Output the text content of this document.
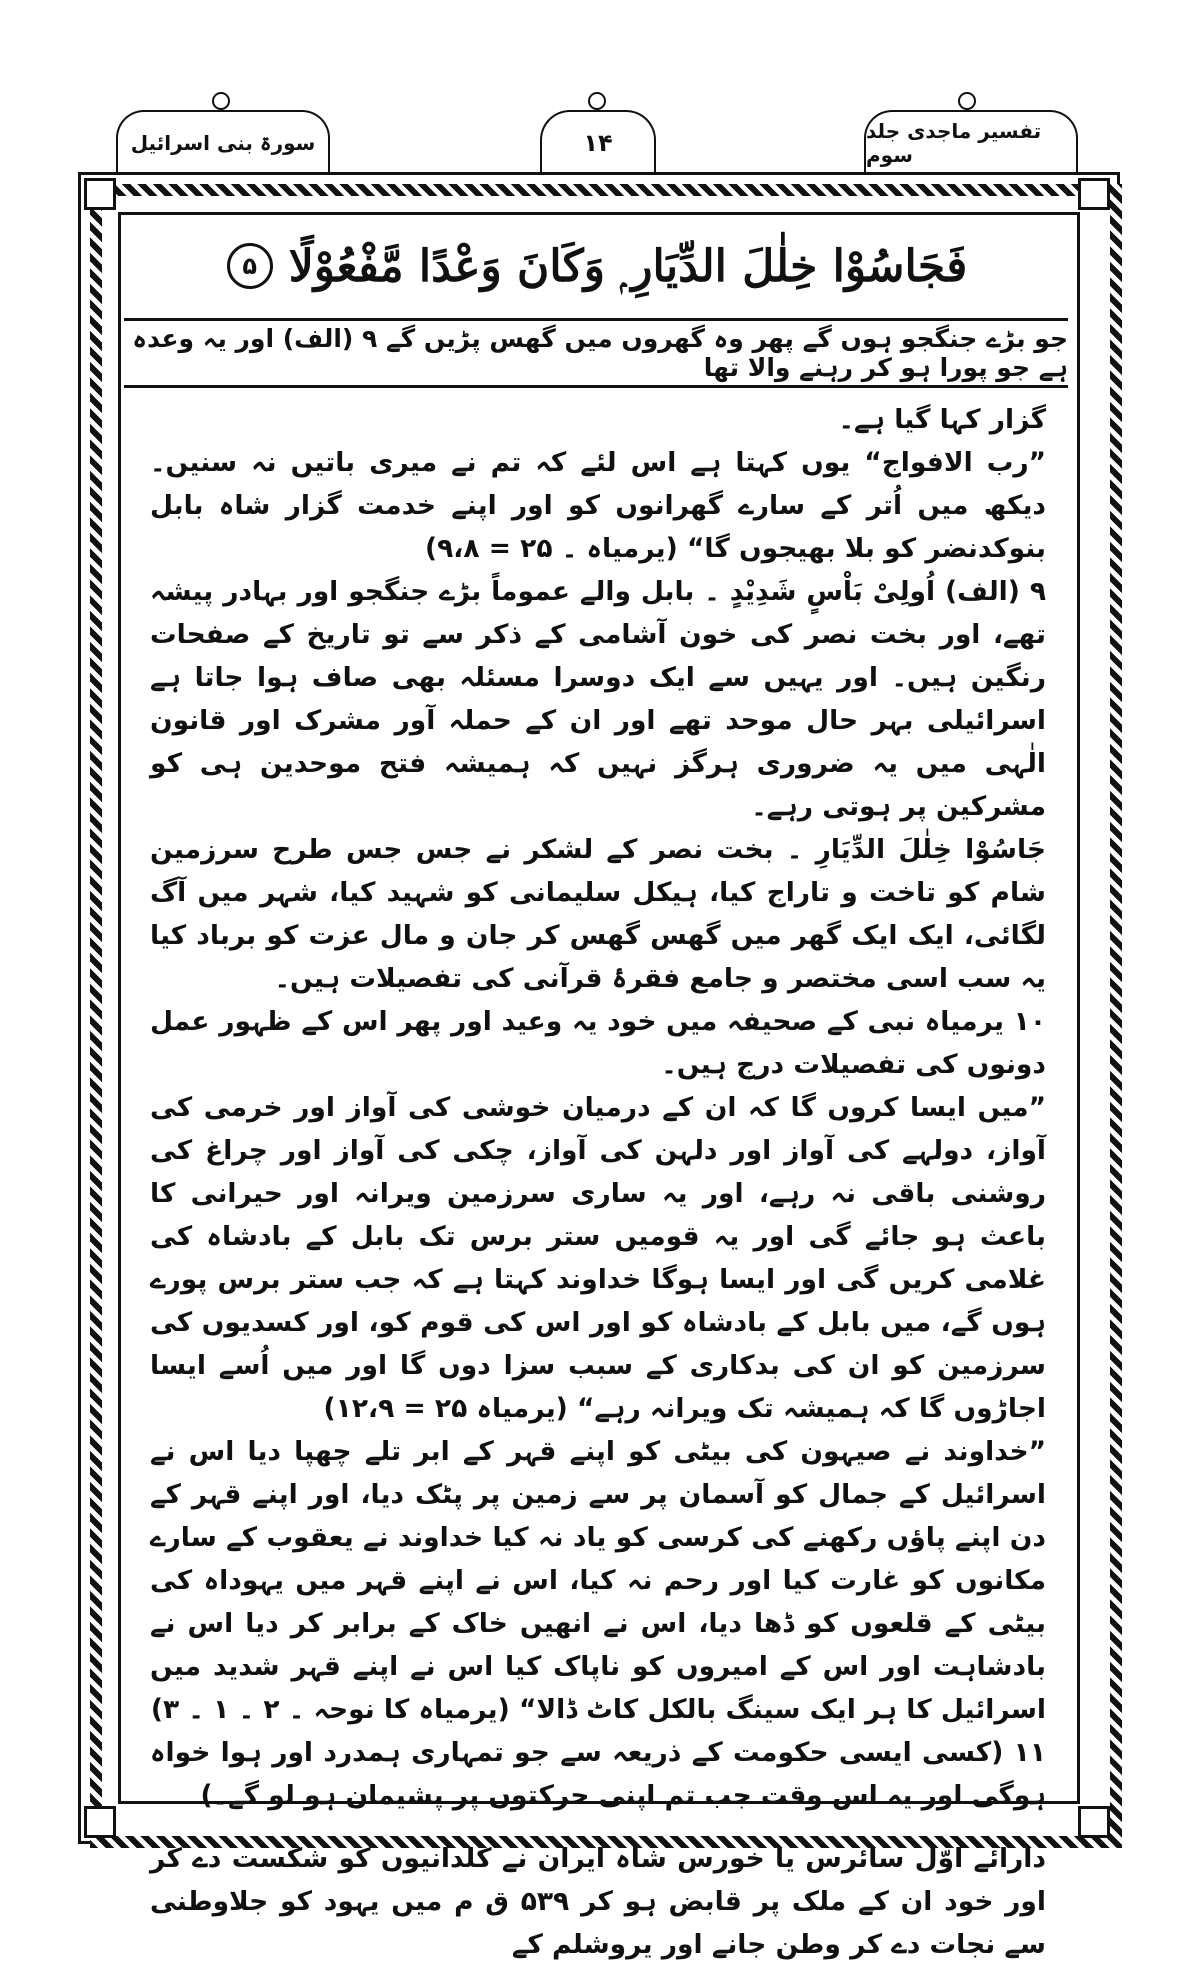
تفسیر ماجدی جلد سوم
۱۴
سورۃ بنی اسرائیل
فَجَاسُوْا خِلٰلَ الدِّيَارِ ۭ وَكَانَ وَعْدًا مَّفْعُوْلًا
۵
جو بڑے جنگجو ہوں گے پھر وہ گھروں میں گھس پڑیں گے ۹ (الف) اور یہ وعدہ ہے جو پورا ہو کر رہنے والا تھا

گزار کہا گیا ہے۔

”رب الافواج“ یوں کہتا ہے اس لئے کہ تم نے میری باتیں نہ سنیں۔ دیکھ میں اُتر کے سارے گھرانوں کو اور اپنے خدمت گزار شاہ بابل بنوکدنضر کو بلا بھیجوں گا“ (یرمیاہ ۔ ۲۵ = ۹،۸)

۹ (الف) اُولِیْ بَاْسٍ شَدِیْدٍ ۔ بابل والے عموماً بڑے جنگجو اور بہادر پیشہ تھے، اور بخت نصر کی خون آشامی کے ذکر سے تو تاریخ کے صفحات رنگین ہیں۔ اور یہیں سے ایک دوسرا مسئلہ بھی صاف ہوا جاتا ہے اسرائیلی بہر حال موحد تھے اور ان کے حملہ آور مشرک اور قانون الٰہی میں یہ ضروری ہرگز نہیں کہ ہمیشہ فتح موحدین ہی کو مشرکین پر ہوتی رہے۔

جَاسُوْا خِلٰلَ الدِّیَارِ ۔ بخت نصر کے لشکر نے جس جس طرح سرزمین شام کو تاخت و تاراج کیا، ہیکل سلیمانی کو شہید کیا، شہر میں آگ لگائی، ایک ایک گھر میں گھس گھس کر جان و مال عزت کو برباد کیا یہ سب اسی مختصر و جامع فقرۂ قرآنی کی تفصیلات ہیں۔

۱۰ یرمیاہ نبی کے صحیفہ میں خود یہ وعید اور پھر اس کے ظہور عمل دونوں کی تفصیلات درج ہیں۔

”میں ایسا کروں گا کہ ان کے درمیان خوشی کی آواز اور خرمی کی آواز، دولہے کی آواز اور دلہن کی آواز، چکی کی آواز اور چراغ کی روشنی باقی نہ رہے، اور یہ ساری سرزمین ویرانہ اور حیرانی کا باعث ہو جائے گی اور یہ قومیں ستر برس تک بابل کے بادشاہ کی غلامی کریں گی اور ایسا ہوگا خداوند کہتا ہے کہ جب ستر برس پورے ہوں گے، میں بابل کے بادشاہ کو اور اس کی قوم کو، اور کسدیوں کی سرزمین کو ان کی بدکاری کے سبب سزا دوں گا اور میں اُسے ایسا اجاڑوں گا کہ ہمیشہ تک ویرانہ رہے“ (یرمیاہ ۲۵ = ۱۲،۹)

”خداوند نے صیہون کی بیٹی کو اپنے قہر کے ابر تلے چھپا دیا اس نے اسرائیل کے جمال کو آسمان پر سے زمین پر پٹک دیا، اور اپنے قہر کے دن اپنے پاؤں رکھنے کی کرسی کو یاد نہ کیا خداوند نے یعقوب کے سارے مکانوں کو غارت کیا اور رحم نہ کیا، اس نے اپنے قہر میں یہوداہ کی بیٹی کے قلعوں کو ڈھا دیا، اس نے انھیں خاک کے برابر کر دیا اس نے بادشاہت اور اس کے امیروں کو ناپاک کیا اس نے اپنے قہر شدید میں اسرائیل کا ہر ایک سینگ بالکل کاٹ ڈالا“ (یرمیاہ کا نوحہ ۔ ۲ ۔ ۱ ۔ ۳)

۱۱ (کسی ایسی حکومت کے ذریعہ سے جو تمہاری ہمدرد اور ہوا خواہ ہوگی اور یہ اس وقت جب تم اپنی حرکتوں پر پشیمان ہو لو گے۔)

دارائے اوّل سائرس یا خورس شاہ ایران نے کلدانیوں کو شکست دے کر اور خود ان کے ملک پر قابض ہو کر ۵۳۹ ق م میں یہود کو جلاوطنی سے نجات دے کر وطن جانے اور یروشلم کے
